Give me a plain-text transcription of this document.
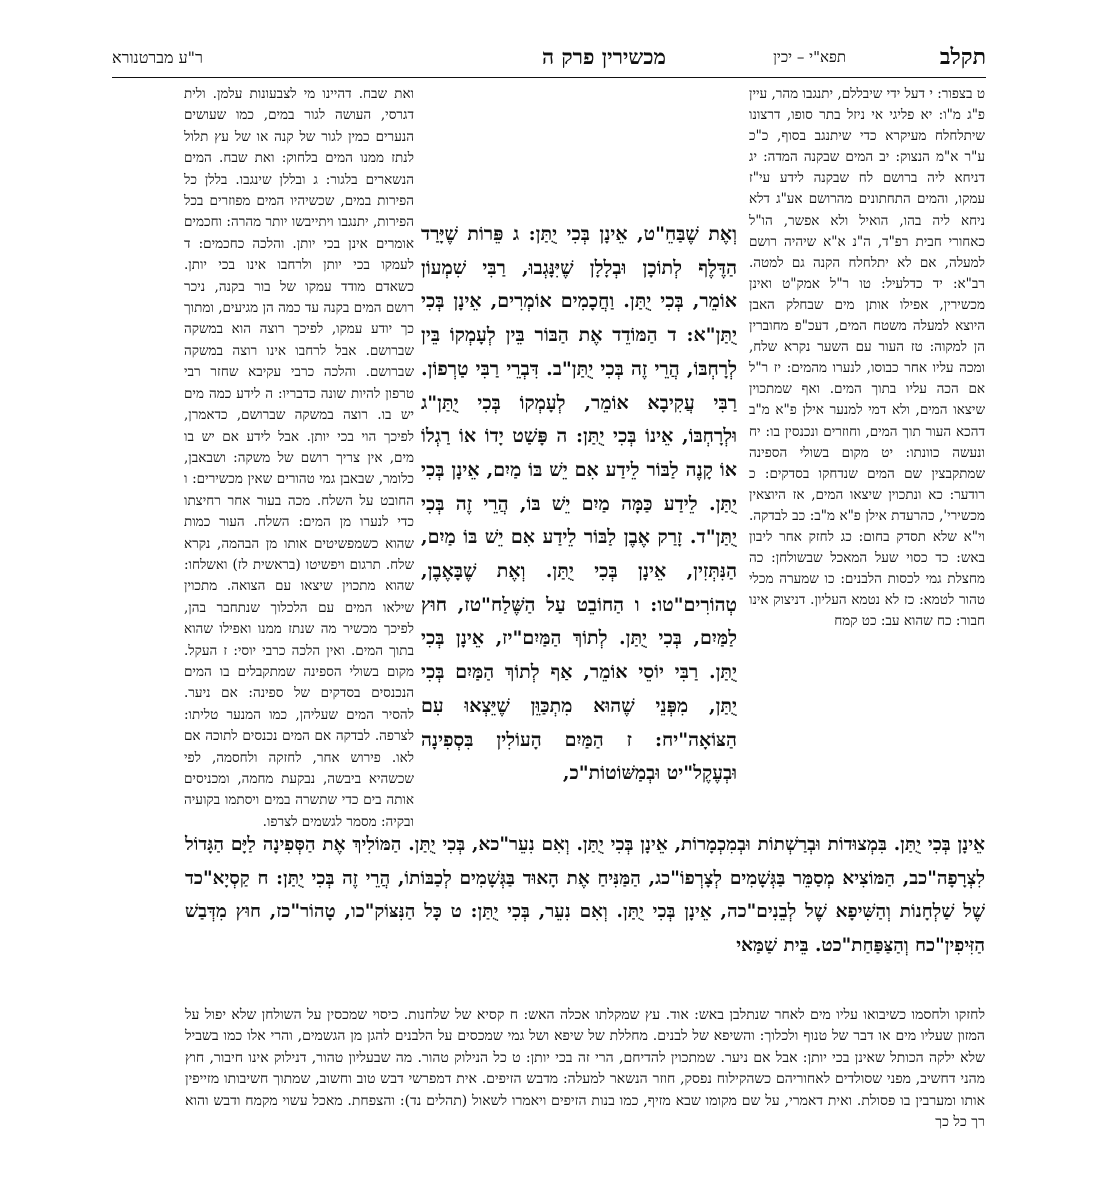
תקלב
תפא"י – יכין
מכשירין פרק ה
ר"ע מברטנורא

ט בצפור: י דעל ידי שיבללם, יתנגבו מהר, עיין פ"ג מ"ו: יא פליגי אי ניזל בתר סופו, דרצונו שיתלחלח מעיקרא כדי שיתנגב בסוף, כ"כ ע"ר א"מ הנצוק: יב המים שבקנה המדה: יג דניחא ליה ברושם לח שבקנה לידע עי"ז עמקו, והמים התחתונים מהרושם אע"ג דלא ניחא ליה בהו, הואיל ולא אפשר, הו"ל כאחורי חבית רפ"ד, ה"נ א"א שיהיה רושם למעלה, אם לא יתלחלח הקנה גם למטה. רב"א: יד כדלעיל: טו ר"ל אמק"ט ואינן מכשירין, אפילו אותן מים שבחלק האבן היוצא למעלה משטח המים, דעכ"פ מחוברין הן למקוה: טז העור עם השער נקרא שלח, ומכה עליו אחר כבוסו, לנערו מהמים: יז ר"ל אם הכה עליו בתוך המים. ואף שמתכוין שיצאו המים, ולא דמי למנער אילן פ"א מ"ב דהכא העור תוך המים, וחוזרים ונכנסין בו: יח ונעשה כוונתו: יט מקום בשולי הספינה שמתקבצין שם המים שנדחקו בסדקים: כ רודער: כא ונתכוין שיצאו המים, אז היוצאין מכשירי', כהרעדת אילן פ"א מ"ב: כב לבדקה. וי"א שלא תסדק בחום: כג לחזק אחר ליבון באש: כד כסוי שעל המאכל שבשולחן: כה מחצלת גמי לכסות הלבנים: כו שמערה מכלי טהור לטמא: כז לא נטמא העליון. דניצוק אינו חבור: כח שהוא עב: כט קמח

וְאֶת שֶׁבַּחֵ"ט, אֵינָן בְּכִי יֻתַּן: ג פֵּרוֹת שֶׁיָּרַד הַדֶּלֶף לְתוֹכָן וּבְלָלָן שֶׁיִּנָּגְבוּ, רַבִּי שִׁמְעוֹן אוֹמֵר, בְּכִי יֻתַּן. וַחֲכָמִים אוֹמְרִים, אֵינָן בְּכִי יֻתַּן"א: ד הַמּוֹדֵד אֶת הַבּוֹר בֵּין לְעָמְקוֹ בֵּין לְרָחְבּוֹ, הֲרֵי זֶה בְּכִי יֻתַּן"ב. דִּבְרֵי רַבִּי טַרְפוֹן. רַבִּי עֲקִיבָא אוֹמֵר, לְעָמְקוֹ בְּכִי יֻתַּן"ג וּלְרָחְבּוֹ, אֵינוֹ בְּכִי יֻתַּן: ה פָּשַׁט יָדוֹ אוֹ רַגְלוֹ אוֹ קָנֶה לַבּוֹר לֵידַע אִם יֵשׁ בּוֹ מַיִם, אֵינָן בְּכִי יֻתַּן. לֵידַע כַּמָּה מַיִם יֵשׁ בּוֹ, הֲרֵי זֶה בְּכִי יֻתַּן"ד. זָרַק אֶבֶן לַבּוֹר לֵידַע אִם יֵשׁ בּוֹ מַיִם, הַנִּתְּזִין, אֵינָן בְּכִי יֻתַּן. וְאֶת שֶׁבָּאֶבֶן, טְהוֹרִים"טו: ו הַחוֹבֵט עַל הַשֶּׁלַח"טז, חוּץ לַמַּיִם, בְּכִי יֻתַּן. לְתוֹךְ הַמַּיִם"יז, אֵינָן בְּכִי יֻתַּן. רַבִּי יוֹסֵי אוֹמֵר, אַף לְתוֹךְ הַמַּיִם בְּכִי יֻתַּן, מִפְּנֵי שֶׁהוּא מִתְכַּוֵּן שֶׁיֵּצְאוּ עִם הַצּוֹאָה"יח: ז הַמַּיִם הָעוֹלִין בִּסְפִינָה וּבְעֶקֶל"יט וּבְמַשּׁוֹטוֹת"כ,

ואת שבח. דהיינו מי לצבעונות עלמן. ולית דגרסי, העושה לגור במים, כמו שעושים הנערים כמין לגור של קנה או של עץ תלול לנתז ממנו המים בלחוק: ואת שבח. המים הנשארים בלגור: ג ובללן שינגבו. בללן כל הפירות במים, שכשיהיו המים מפוזרים בכל הפירות, יתנגבו ויתייבשו יותר מהרה: וחכמים אומרים אינן בכי יותן. והלכה כחכמים: ד לעמקו בכי יותן ולרחבו אינו בכי יותן. כשאדם מודד עמקו של בור בקנה, ניכר רושם המים בקנה עד כמה הן מגיעים, ומתוך כך יודע עמקו, לפיכך רוצה הוא במשקה שברושם. אבל לרחבו אינו רוצה במשקה שברושם. והלכה כרבי עקיבא שחזר רבי טרפון להיות שונה כדבריו: ה לידע כמה מים יש בו. רוצה במשקה שברושם, כדאמרן, לפיכך הוי בכי יותן. אבל לידע אם יש בו מים, אין צריך רושם של משקה: ושבאבן, כלומר, שבאבן גמי טהורים שאין מכשירים: ו החובט על השלח. מכה בעור אחר רחיצתו כדי לנערו מן המים: השלח. העור כמות שהוא כשמפשיטים אותו מן הבהמה, נקרא שלח. תרגום ויפשיטו (בראשית לז) ואשלחו: שהוא מתכוין שיצאו עם הצואה. מתכוין שילאו המים עם הלכלוך שנתחבר בהן, לפיכך מכשיר מה שנתז ממנו ואפילו שהוא בתוך המים. ואין הלכה כרבי יוסי: ז העקל. מקום בשולי הספינה שמתקבלים בו המים הנכנסים בסדקים של ספינה: אם ניער. להסיר המים שעליהן, כמו המנער טליתו: לצרפה. לבדקה אם המים נכנסים לתוכה אם לאו. פירוש אחר, לחזקה ולחסמה, לפי שכשהיא ביבשה, נבקעת מחמה, ומכניסים אותה בים כדי שתשרה במים ויסתמו בקועיה ובקיה: מסמר לגשמים לצרפו.

אֵינָן בְּכִי יֻתַּן. בִּמְצוּדוֹת וּבְרַשְׁתוֹת וּבְמִכְמָרוֹת, אֵינָן בְּכִי יֻתַּן. וְאִם נִעֵר"כא, בְּכִי יֻתַּן. הַמּוֹלִיךְ אֶת הַסְּפִינָה לַיָּם הַגָּדוֹל לִצְרָפָה"כב, הַמּוֹצִיא מְסַמֵּר בַּגְּשָׁמִים לְצָרְפוֹ"כג, הַמַּנִּיחַ אֶת הָאוּד בַּגְּשָׁמִים לְכַבּוֹתוֹ, הֲרֵי זֶה בְּכִי יֻתַּן: ח קַסְיָא"כד שֶׁל שַׁלְחָנוֹת וְהַשִּׁיפָא שֶׁל לְבֵנִים"כה, אֵינָן בְּכִי יֻתַּן. וְאִם נִעֵר, בְּכִי יֻתַּן: ט כָּל הַנִּצּוֹק"כו, טָהוֹר"כז, חוּץ מִדְּבַשׁ הַזִּיפִין"כח וְהַצַּפַּחַת"כט. בֵּית שַׁמַּאי

לחזקו ולחסמו כשיבואו עליו מים לאחר שנתלבן באש: אוד. עץ שמקלתו אכלה האש: ח קסיא של שלחנות. כיסוי שמכסין על השולחן שלא יפול על המזון שעליו מים או דבר של טנוף ולכלוך: והשיפא של לבנים. מחללת של שיפא ושל גמי שמכסים על הלבנים להגן מן הגשמים, והרי אלו כמו בשביל שלא ילקה הכותל שאינן בכי יותן: אבל אם ניער. שמתכוין להדיחם, הרי זה בכי יותן: ט כל הנילוק טהור. מה שבעליון טהור, דנילוק אינו חיבור, חוץ מהני דחשיב, מפני שסולדים לאחוריהם כשהקילוח נפסק, חוזר הנשאר למעלה: מדבש הזיפים. אית דמפרשי דבש טוב וחשוב, שמתוך חשיבותו מזייפין אותו ומערבין בו פסולת. ואית דאמרי, על שם מקומו שבא מזיף, כמו בנות הזיפים ויאמרו לשאול (תהלים נד): והצפחת. מאכל עשוי מקמח ודבש והוא רך כל כך
